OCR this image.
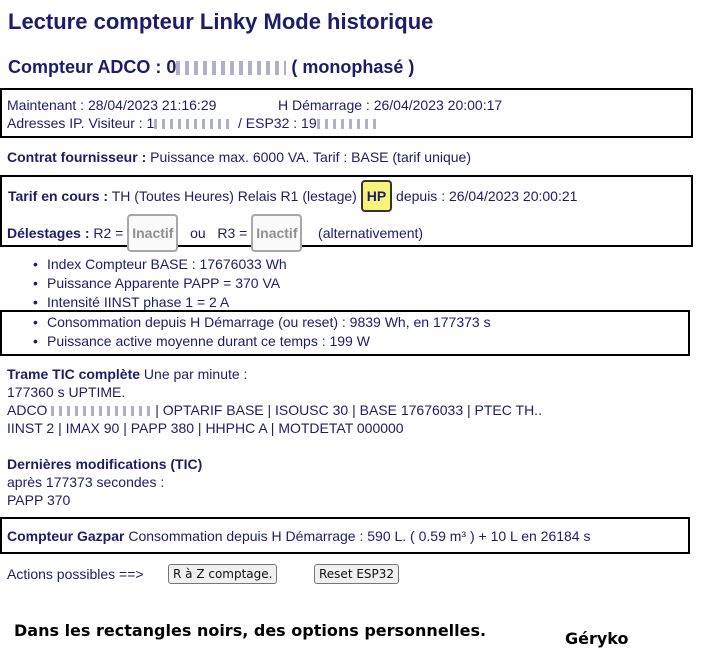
Lecture compteur Linky Mode historique
Compteur ADCO : 0	( monophasé )
Maintenant : 28/04/2023 21:16:29	H Démarrage : 26/04/2023 20:00:17
Adresses IP. Visiteur : 1	/ ESP32 : 19
Contrat fournisseur : Puissance max. 6000 VA. Tarif : BASE (tarif unique)
Tarif en cours : TH (Toutes Heures) Relais R1 (lestage) HP depuis : 26/04/2023 20:00:21
Délestages : R2 = Inactif ou   R3 = Inactif (alternativement)
• Index Compteur BASE : 17676033 Wh
• Puissance Apparente PAPP = 370 VA
• Intensité IINST phase 1 = 2 A
• Consommation depuis H Démarrage (ou reset) : 9839 Wh, en 177373 s
• Puissance active moyenne durant ce temps : 199 W
Trame TIC complète Une par minute :
177360 s UPTIME.
ADCO	| OPTARIF BASE | ISOUSC 30 | BASE 17676033 | PTEC TH..
IINST 2 | IMAX 90 | PAPP 380 | HHPHC A | MOTDETAT 000000
Dernières modifications (TIC)
après 177373 secondes :
PAPP 370
Compteur Gazpar Consommation depuis H Démarrage : 590 L. ( 0.59 m³ ) + 10 L en 26184 s
Actions possibles ==>	R à Z comptage.	Reset ESP32
Dans les rectangles noirs, des options personnelles.	Géryko
